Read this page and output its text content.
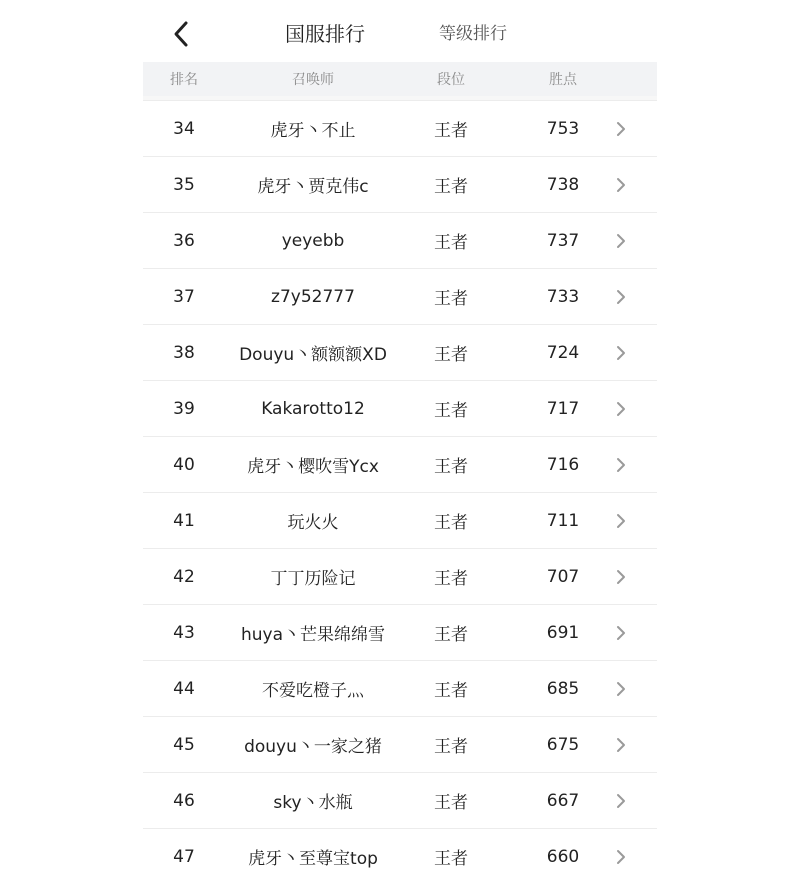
国服排行	等级排行
排名	召唤师	段位	胜点
34	虎牙丶不止	王者	753
35	虎牙丶贾克伟c	王者	738
36	yeyebb	王者	737
37	z7y52777	王者	733
38	Douyu丶额额额XD	王者	724
39	Kakarotto12	王者	717
40	虎牙丶樱吹雪Ycx	王者	716
41	玩火火	王者	711
42	丁丁历险记	王者	707
43	huya丶芒果绵绵雪	王者	691
44	不爱吃橙子灬	王者	685
45	douyu丶一家之猪	王者	675
46	sky丶水瓶	王者	667
47	虎牙丶至尊宝top	王者	660
